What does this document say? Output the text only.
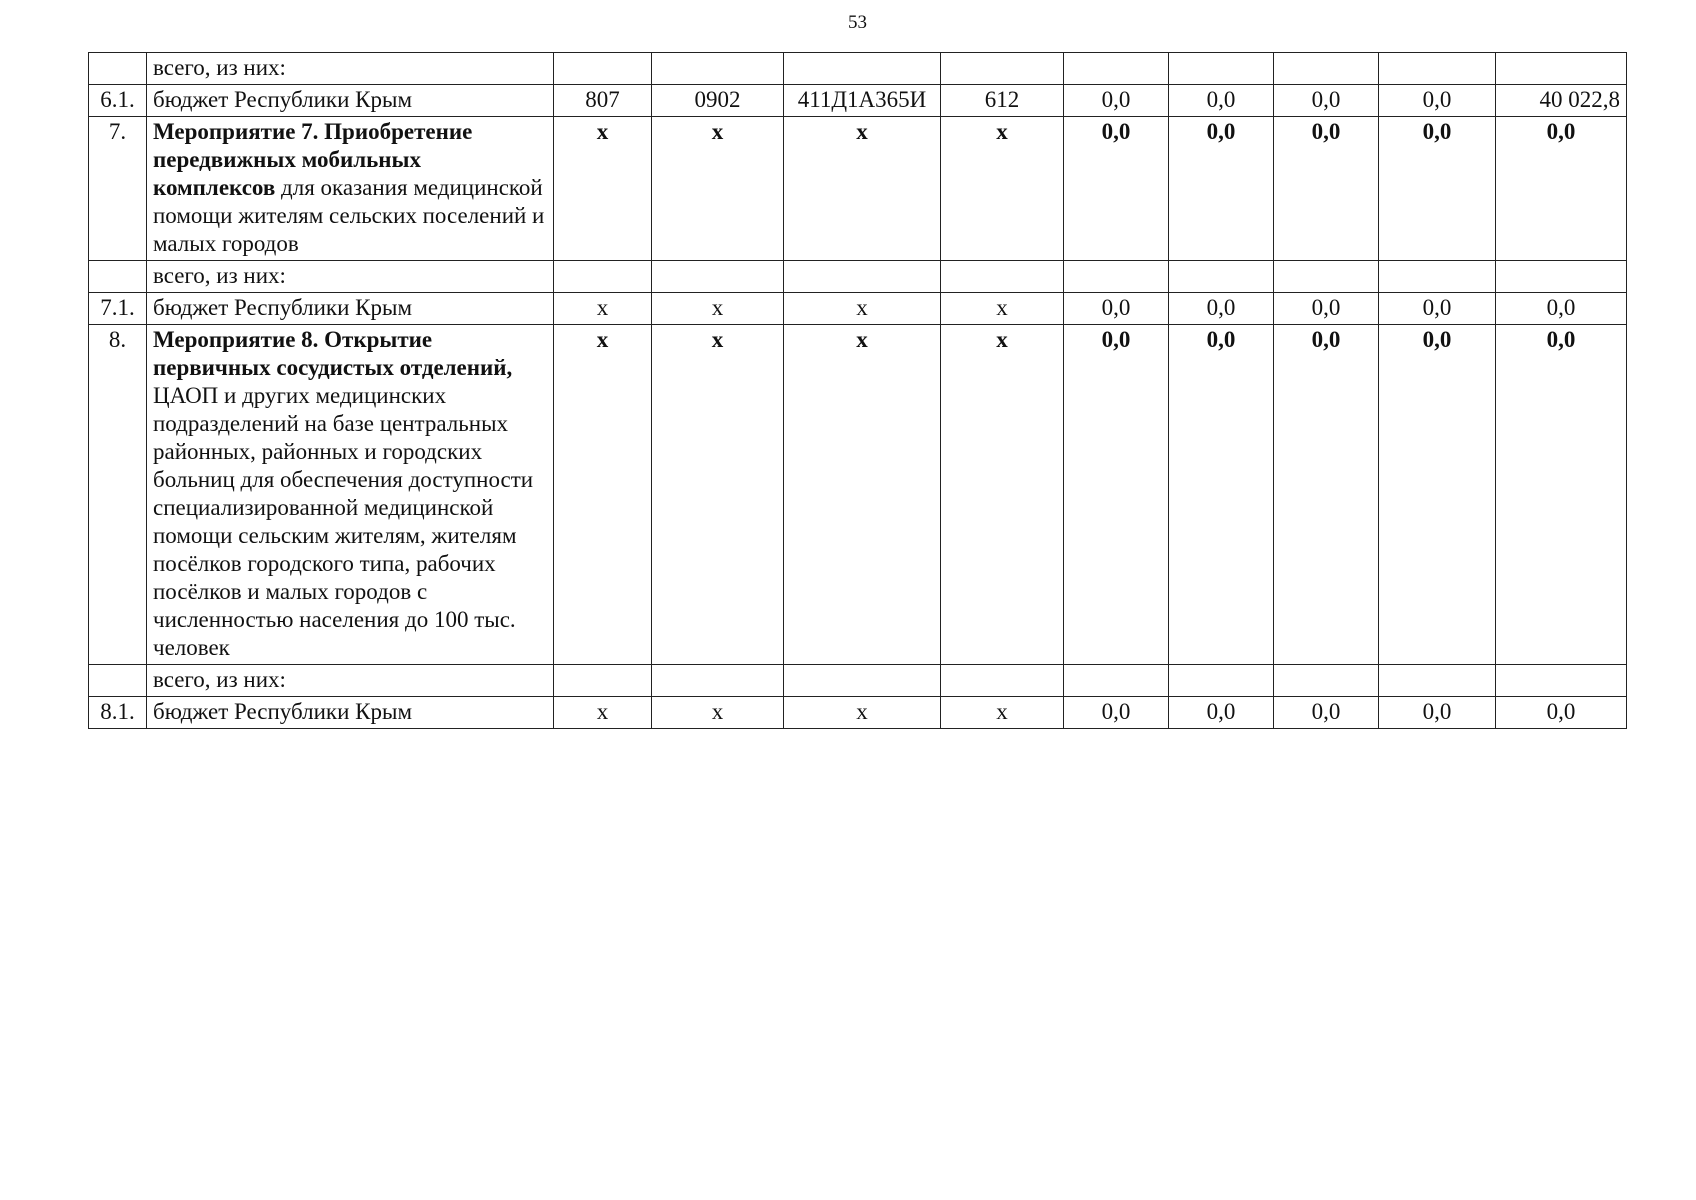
53
	всего, из них:									
6.1.	бюджет Республики Крым	807	0902	411Д1А365И	612	0,0	0,0	0,0	0,0	40 022,8
7.	Мероприятие 7. Приобретение передвижных мобильных комплексов для оказания медицинской помощи жителям сельских поселений и малых городов	х	х	х	х	0,0	0,0	0,0	0,0	0,0
	всего, из них:									
7.1.	бюджет Республики Крым	х	х	х	х	0,0	0,0	0,0	0,0	0,0
8.	Мероприятие 8. Открытие первичных сосудистых отделений, ЦАОП и других медицинских подразделений на базе центральных районных, районных и городских больниц для обеспечения доступности специализированной медицинской помощи сельским жителям, жителям посёлков городского типа, рабочих посёлков и малых городов с численностью населения до 100 тыс. человек	х	х	х	х	0,0	0,0	0,0	0,0	0,0
	всего, из них:									
8.1.	бюджет Республики Крым	х	х	х	х	0,0	0,0	0,0	0,0	0,0
